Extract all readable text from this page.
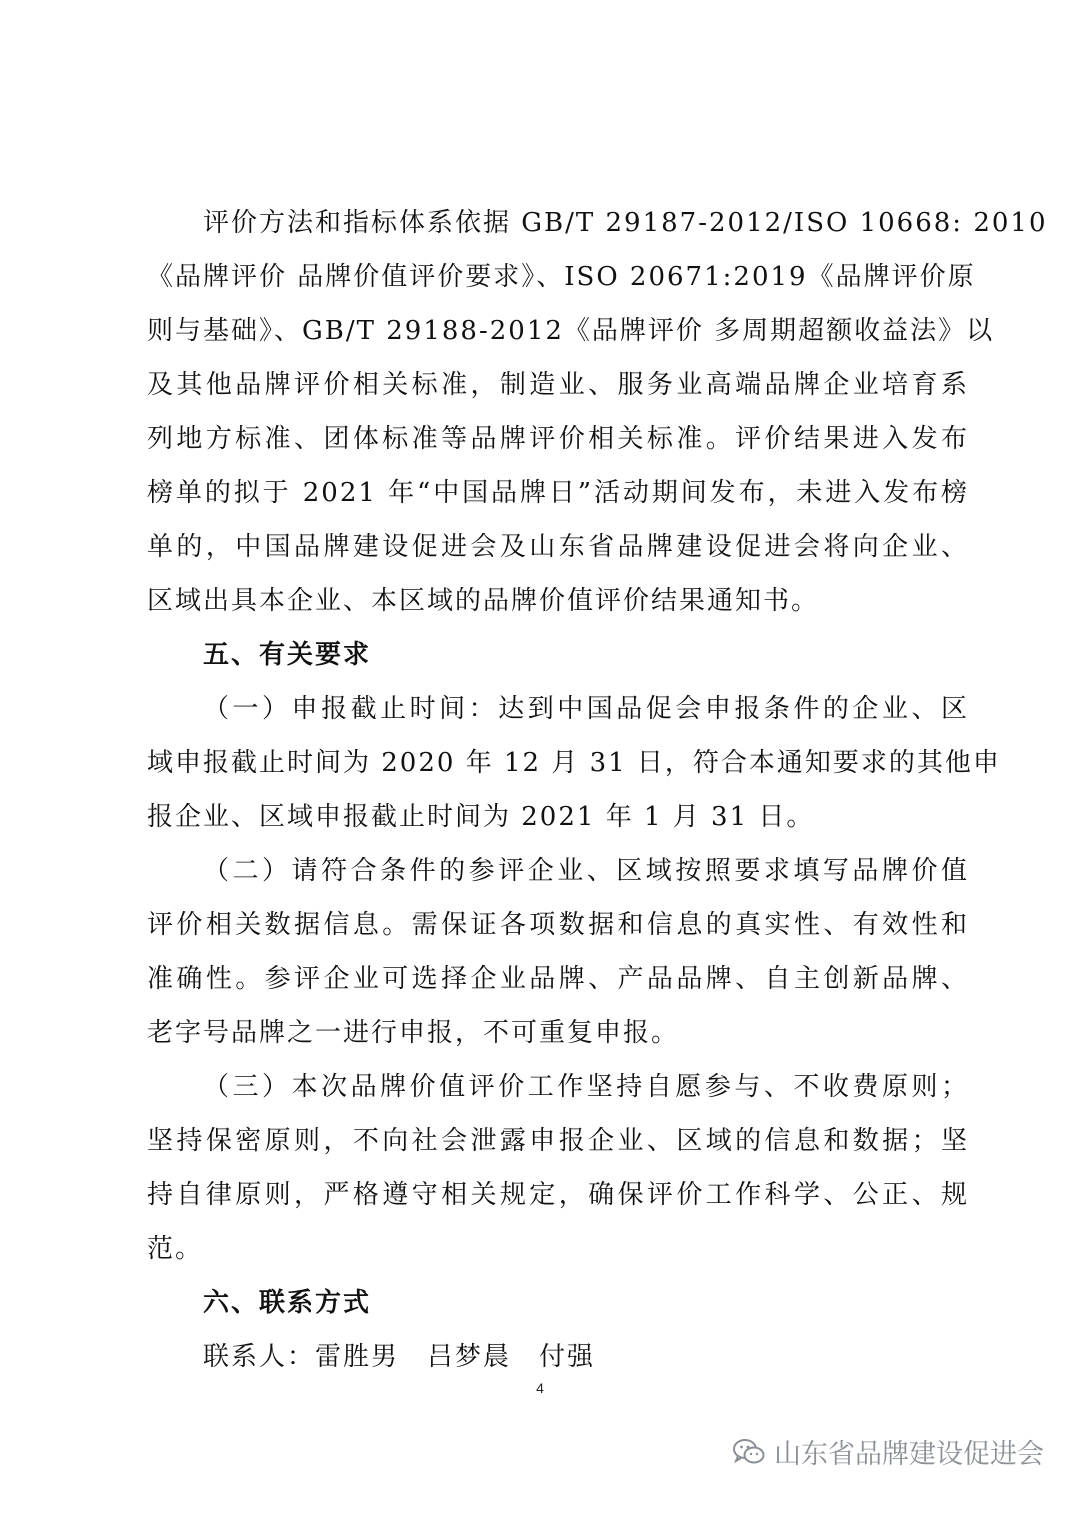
评价方法和指标体系依据 GB/T 29187-2012/ISO 10668: 2010
《品牌评价 品牌价值评价要求》、ISO 20671:2019《品牌评价原
则与基础》、GB/T 29188-2012《品牌评价 多周期超额收益法》以
及其他品牌评价相关标准，制造业、服务业高端品牌企业培育系
列地方标准、团体标准等品牌评价相关标准。评价结果进入发布
榜单的拟于 2021 年“中国品牌日”活动期间发布，未进入发布榜
单的，中国品牌建设促进会及山东省品牌建设促进会将向企业、
区域出具本企业、本区域的品牌价值评价结果通知书。
五、有关要求
（一）申报截止时间：达到中国品促会申报条件的企业、区
域申报截止时间为 2020 年 12 月 31 日，符合本通知要求的其他申
报企业、区域申报截止时间为 2021 年 1 月 31 日。
（二）请符合条件的参评企业、区域按照要求填写品牌价值
评价相关数据信息。需保证各项数据和信息的真实性、有效性和
准确性。参评企业可选择企业品牌、产品品牌、自主创新品牌、
老字号品牌之一进行申报，不可重复申报。
（三）本次品牌价值评价工作坚持自愿参与、不收费原则；
坚持保密原则，不向社会泄露申报企业、区域的信息和数据；坚
持自律原则，严格遵守相关规定，确保评价工作科学、公正、规
范。
六、联系方式
联系人：雷胜男　吕梦晨　付强
4
山东省品牌建设促进会
